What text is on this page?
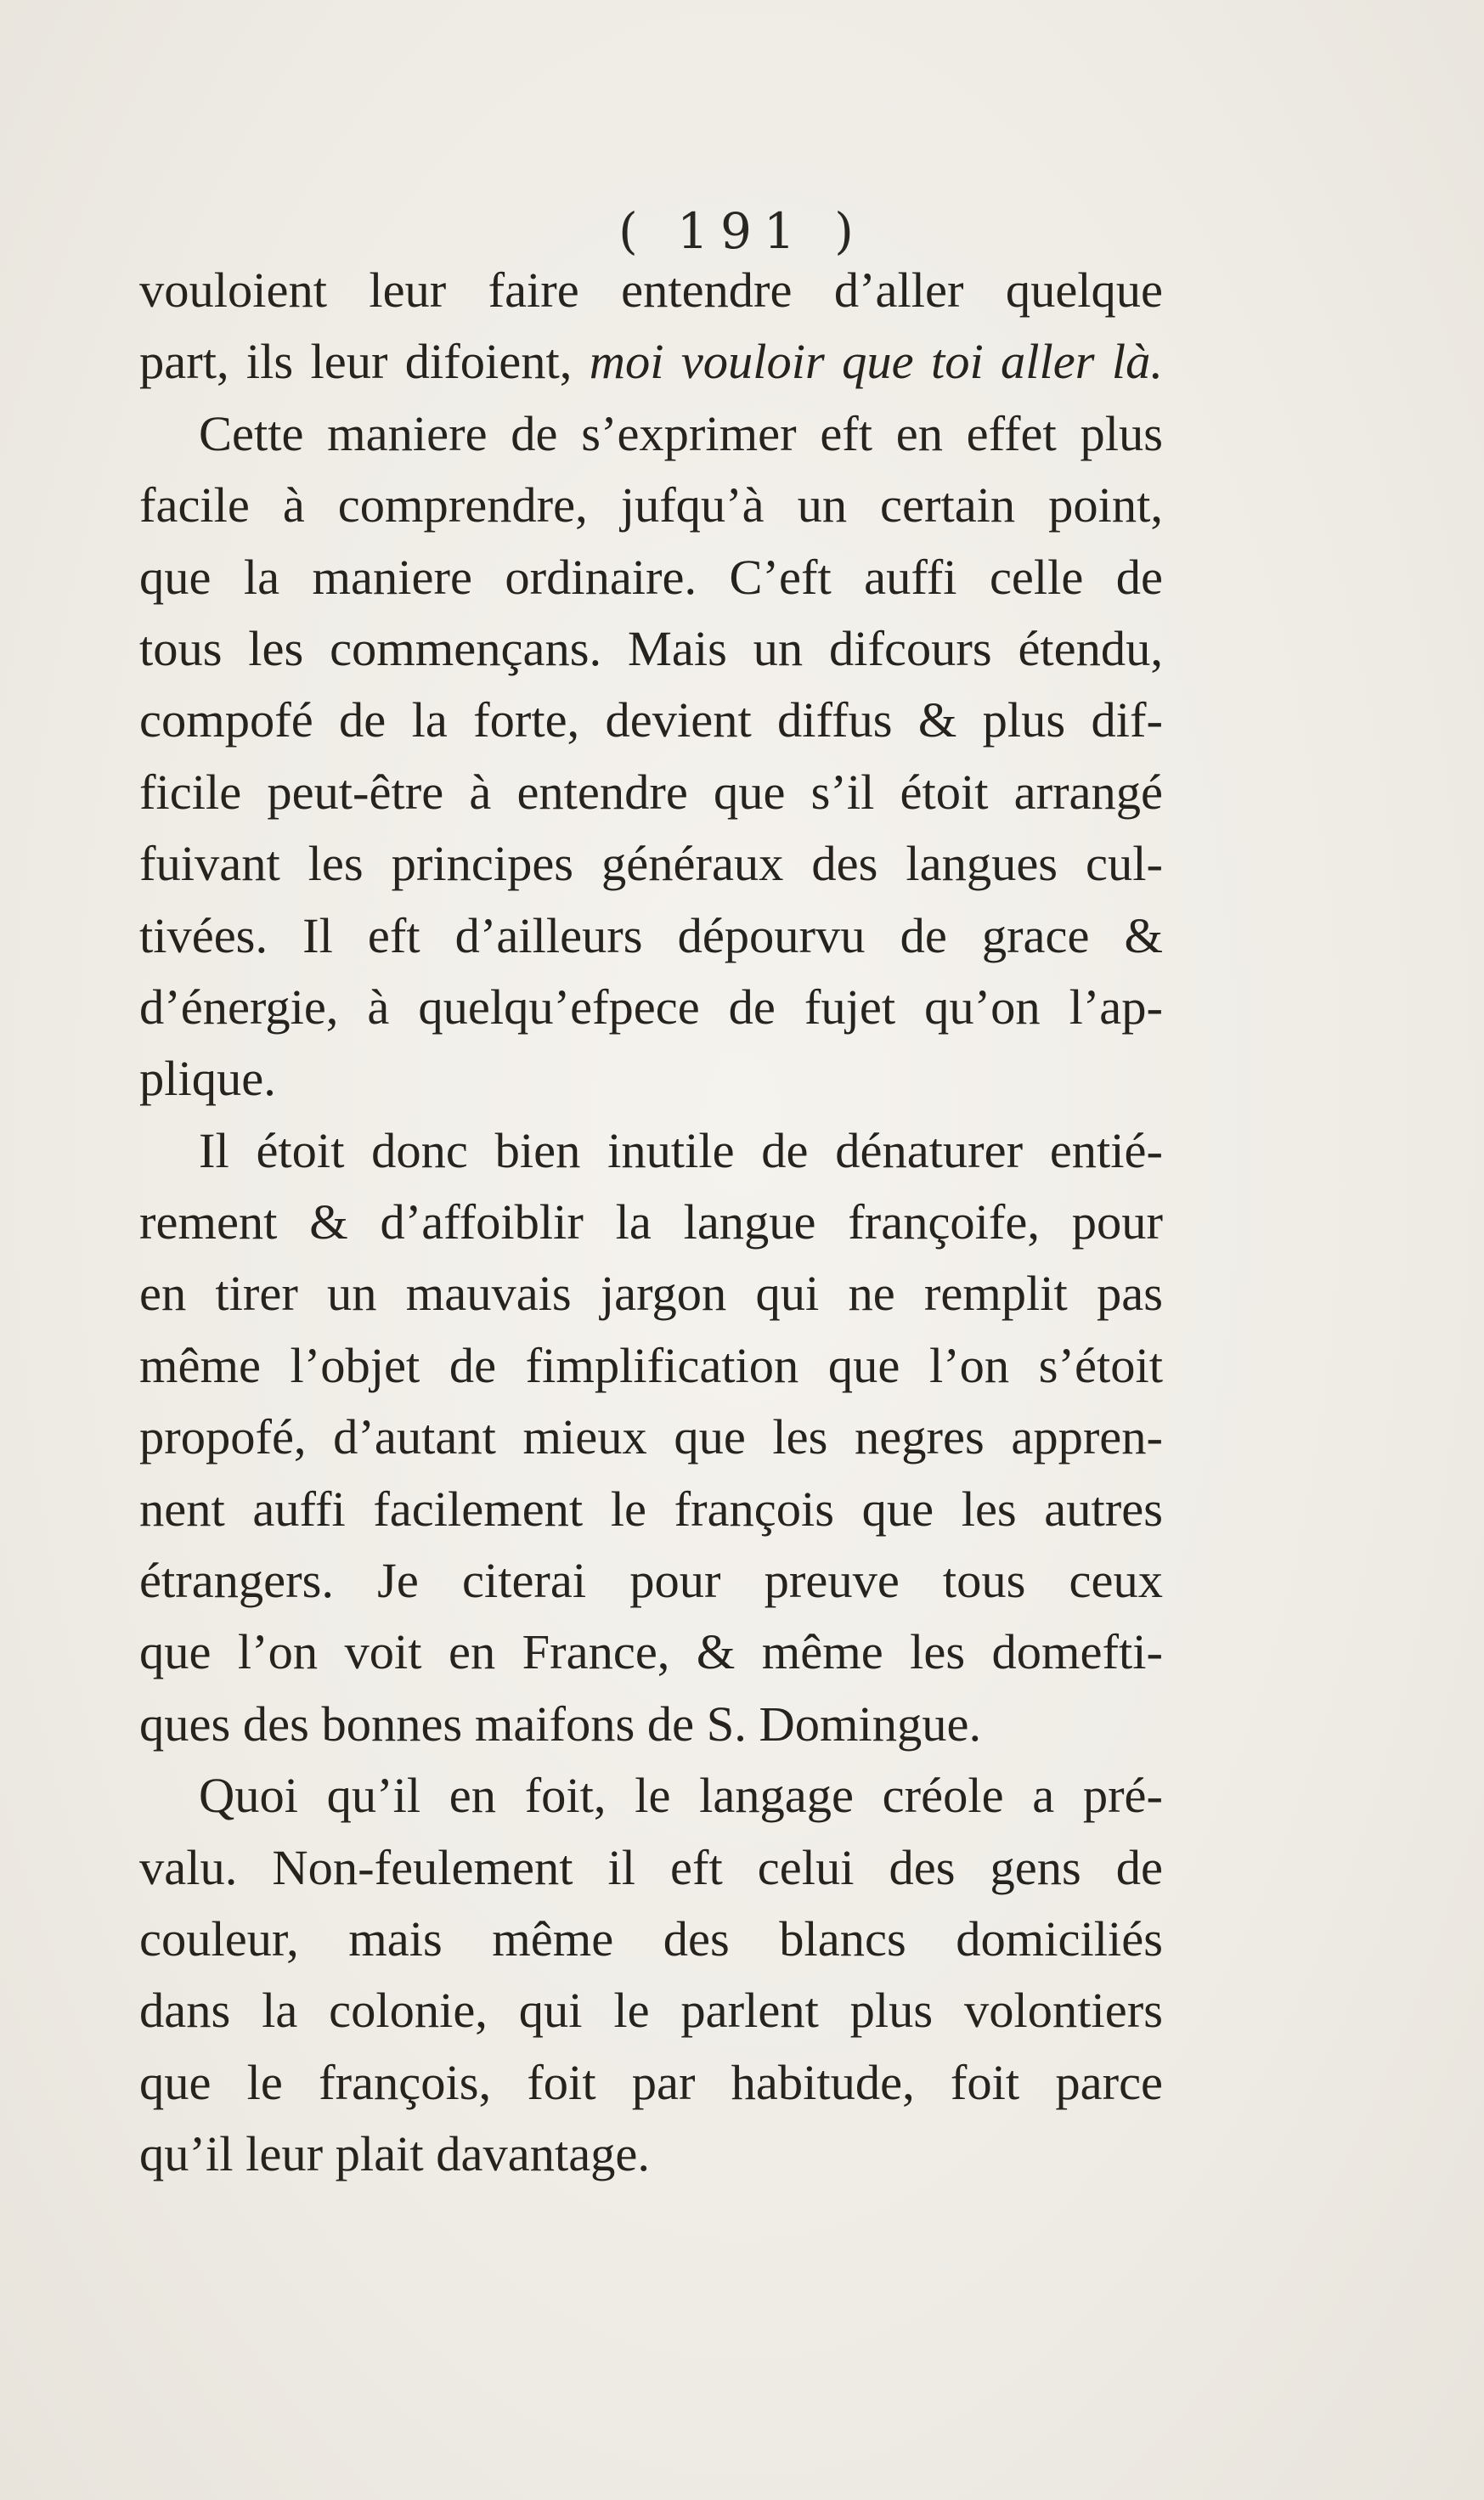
( 191 )
vouloient leur faire entendre d’aller quelque
part, ils leur difoient, moi vouloir que toi aller là.
Cette maniere de s’exprimer eft en effet plus
facile à comprendre, jufqu’à un certain point,
que la maniere ordinaire. C’eft auffi celle de
tous les commençans. Mais un difcours étendu,
compofé de la forte, devient diffus & plus dif-
ficile peut-être à entendre que s’il étoit arrangé
fuivant les principes généraux des langues cul-
tivées. Il eft d’ailleurs dépourvu de grace &
d’énergie, à quelqu’efpece de fujet qu’on l’ap-
plique.
Il étoit donc bien inutile de dénaturer entié-
rement & d’affoiblir la langue françoife, pour
en tirer un mauvais jargon qui ne remplit pas
même l’objet de fimplification que l’on s’étoit
propofé, d’autant mieux que les negres appren-
nent auffi facilement le françois que les autres
étrangers. Je citerai pour preuve tous ceux
que l’on voit en France, & même les domefti-
ques des bonnes maifons de S. Domingue.
Quoi qu’il en foit, le langage créole a pré-
valu. Non-feulement il eft celui des gens de
couleur, mais même des blancs domiciliés
dans la colonie, qui le parlent plus volontiers
que le françois, foit par habitude, foit parce
qu’il leur plait davantage.
